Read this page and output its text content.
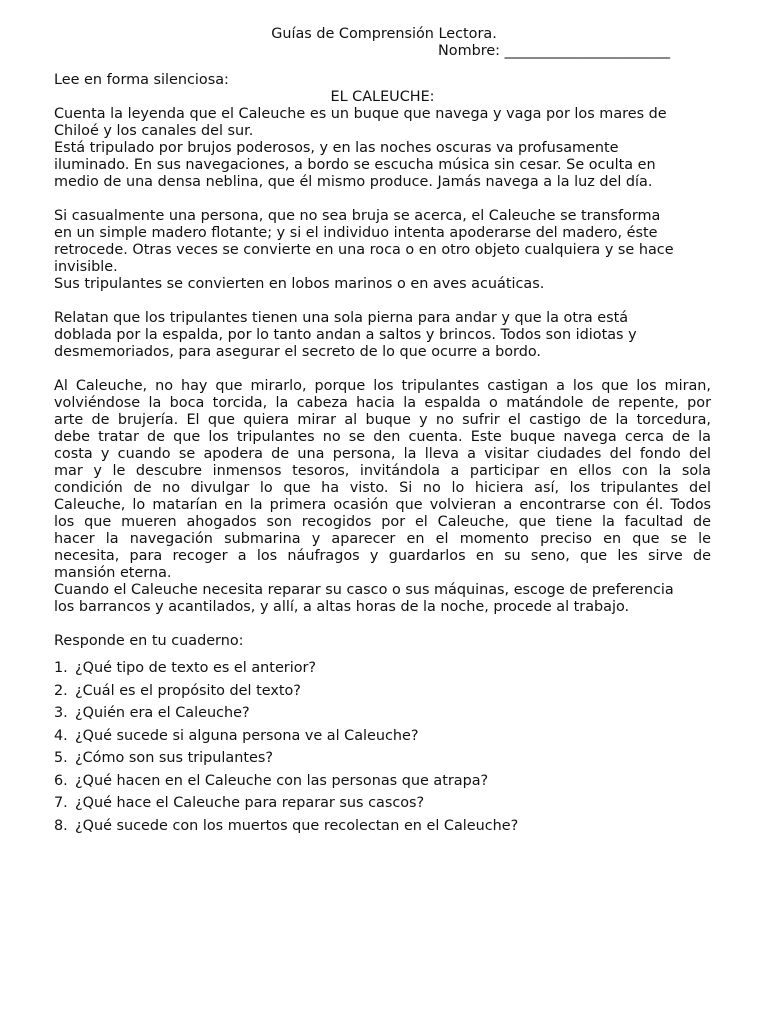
Guías de Comprensión Lectora.
Nombre: _______________________
Lee en forma silenciosa:
EL CALEUCHE:
Cuenta la leyenda que el Caleuche es un buque que navega y vaga por los mares de
Chiloé y los canales del sur.
Está tripulado por brujos poderosos, y en las noches oscuras va profusamente
iluminado. En sus navegaciones, a bordo se escucha música sin cesar. Se oculta en
medio de una densa neblina, que él mismo produce. Jamás navega a la luz del día.
Si casualmente una persona, que no sea bruja se acerca, el Caleuche se transforma
en un simple madero flotante; y si el individuo intenta apoderarse del madero, éste
retrocede. Otras veces se convierte en una roca o en otro objeto cualquiera y se hace
invisible.
Sus tripulantes se convierten en lobos marinos o en aves acuáticas.
Relatan que los tripulantes tienen una sola pierna para andar y que la otra está
doblada por la espalda, por lo tanto andan a saltos y brincos. Todos son idiotas y
desmemoriados, para asegurar el secreto de lo que ocurre a bordo.
Al Caleuche, no hay que mirarlo, porque los tripulantes castigan a los que los miran,
volviéndose la boca torcida, la cabeza hacia la espalda o matándole de repente, por
arte de brujería. El que quiera mirar al buque y no sufrir el castigo de la torcedura,
debe tratar de que los tripulantes no se den cuenta. Este buque navega cerca de la
costa y cuando se apodera de una persona, la lleva a visitar ciudades del fondo del
mar y le descubre inmensos tesoros, invitándola a participar en ellos con la sola
condición de no divulgar lo que ha visto. Si no lo hiciera así, los tripulantes del
Caleuche, lo matarían en la primera ocasión que volvieran a encontrarse con él. Todos
los que mueren ahogados son recogidos por el Caleuche, que tiene la facultad de
hacer la navegación submarina y aparecer en el momento preciso en que se le
necesita, para recoger a los náufragos y guardarlos en su seno, que les sirve de
mansión eterna.
Cuando el Caleuche necesita reparar su casco o sus máquinas, escoge de preferencia
los barrancos y acantilados, y allí, a altas horas de la noche, procede al trabajo.
Responde en tu cuaderno:
1. ¿Qué tipo de texto es el anterior?
2. ¿Cuál es el propósito del texto?
3. ¿Quién era el Caleuche?
4. ¿Qué sucede si alguna persona ve al Caleuche?
5. ¿Cómo son sus tripulantes?
6. ¿Qué hacen en el Caleuche con las personas que atrapa?
7. ¿Qué hace el Caleuche para reparar sus cascos?
8. ¿Qué sucede con los muertos que recolectan en el Caleuche?
